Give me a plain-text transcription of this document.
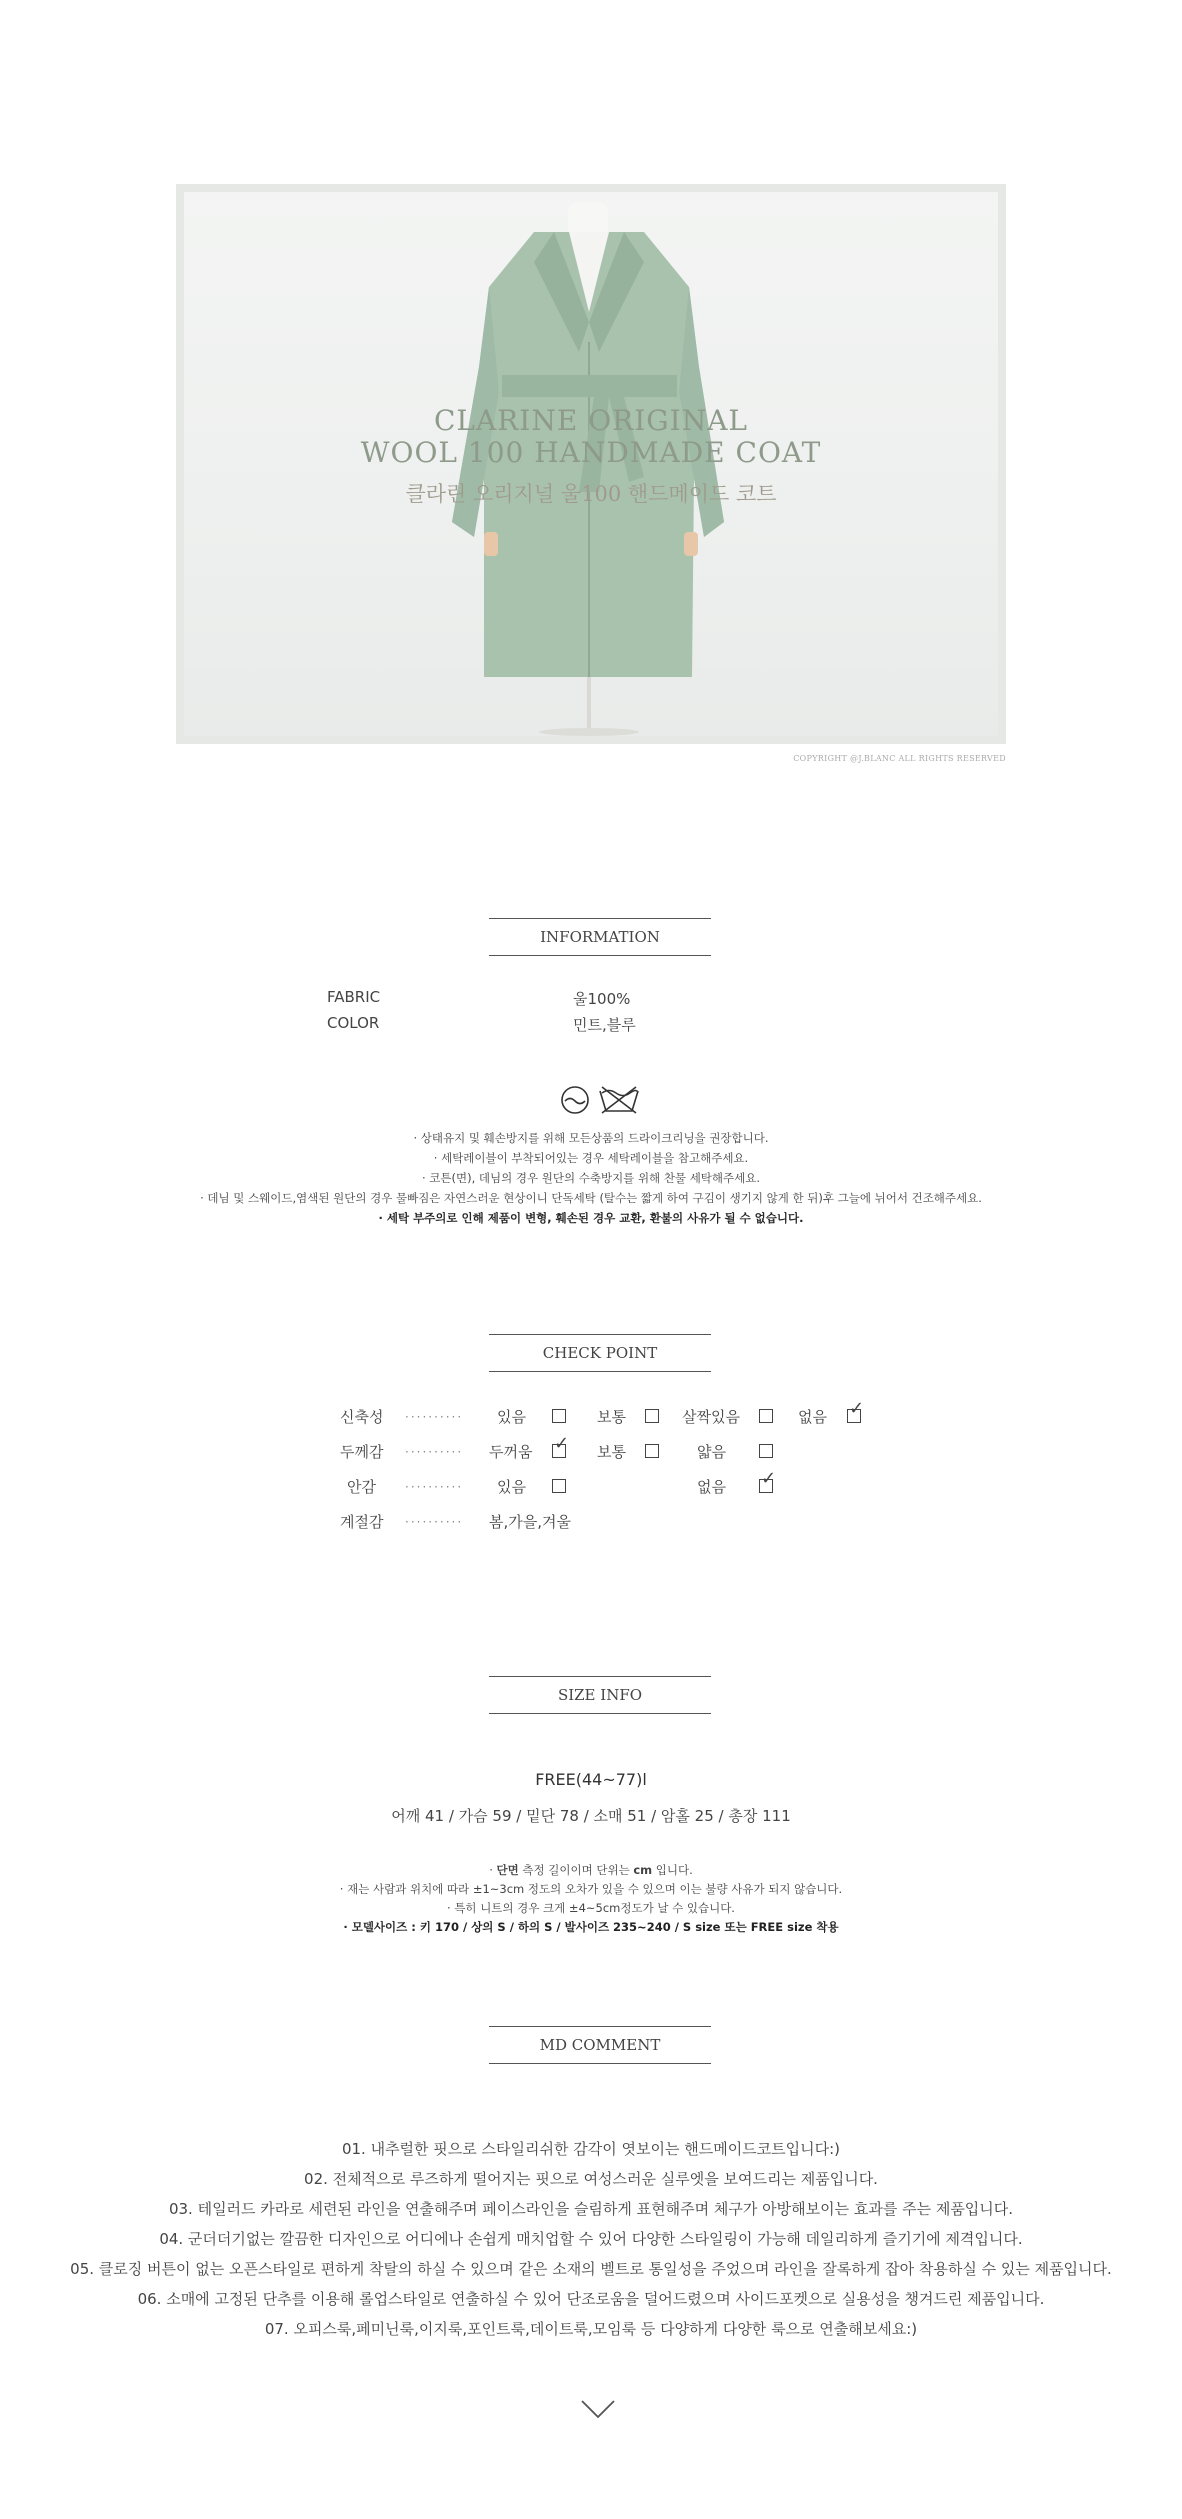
CLARINE ORIGINAL
WOOL 100 HANDMADE COAT
클라린 오리지널 울100 핸드메이드 코트
COPYRIGHT @J.BLANC ALL RIGHTS RESERVED
INFORMATION
FABRIC	울100%
COLOR	민트,블루
· 상태유지 및 훼손방지를 위해 모든상품의 드라이크리닝을 권장합니다.
· 세탁레이블이 부착되어있는 경우 세탁레이블을 참고해주세요.
· 코튼(면), 데님의 경우 원단의 수축방지를 위해 찬물 세탁해주세요.
· 데님 및 스웨이드,염색된 원단의 경우 물빠짐은 자연스러운 현상이니 단독세탁 (탈수는 짧게 하여 구김이 생기지 않게 한 뒤)후 그늘에 뉘어서 건조해주세요.
· 세탁 부주의로 인해 제품이 변형, 훼손된 경우 교환, 환불의 사유가 될 수 없습니다.
CHECK POINT
신축성 ·········· 있음	보통	살짝있음	없음 ✓
두께감 ·········· 두꺼움 ✓ 보통	얇음
안감 ·········· 있음	없음 ✓
계절감 ·········· 봄,가을,겨울
SIZE INFO
FREE(44~77)l
어깨 41 / 가슴 59 / 밑단 78 / 소매 51 / 암홀 25 / 총장 111
· 단면 측정 길이이며 단위는 cm 입니다.
· 재는 사람과 위치에 따라 ±1~3cm 정도의 오차가 있을 수 있으며 이는 불량 사유가 되지 않습니다.
· 특히 니트의 경우 크게 ±4~5cm정도가 날 수 있습니다.
· 모델사이즈 : 키 170 / 상의 S / 하의 S / 발사이즈 235~240 / S size 또는 FREE size 착용
MD COMMENT
01. 내추럴한 핏으로 스타일리쉬한 감각이 엿보이는 핸드메이드코트입니다:)
02. 전체적으로 루즈하게 떨어지는 핏으로 여성스러운 실루엣을 보여드리는 제품입니다.
03. 테일러드 카라로 세련된 라인을 연출해주며 페이스라인을 슬림하게 표현해주며 체구가 아방해보이는 효과를 주는 제품입니다.
04. 군더더기없는 깔끔한 디자인으로 어디에나 손쉽게 매치업할 수 있어 다양한 스타일링이 가능해 데일리하게 즐기기에 제격입니다.
05. 클로징 버튼이 없는 오픈스타일로 편하게 착탈의 하실 수 있으며 같은 소재의 벨트로 통일성을 주었으며 라인을 잘록하게 잡아 착용하실 수 있는 제품입니다.
06. 소매에 고정된 단추를 이용해 롤업스타일로 연출하실 수 있어 단조로움을 덜어드렸으며 사이드포켓으로 실용성을 챙겨드린 제품입니다.
07. 오피스룩,페미닌룩,이지룩,포인트룩,데이트룩,모임룩 등 다양하게 다양한 룩으로 연출해보세요:)
